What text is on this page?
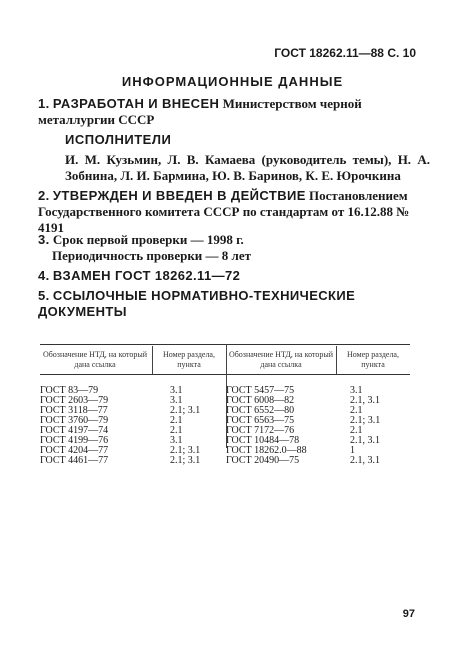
ГОСТ 18262.11—88 С. 10
ИНФОРМАЦИОННЫЕ ДАННЫЕ
1. РАЗРАБОТАН И ВНЕСЕН Министерством черной металлургии СССР
ИСПОЛНИТЕЛИ
И. М. Кузьмин, Л. В. Камаева (руководитель темы), Н. А. Зобнина, Л. И. Бармина, Ю. В. Баринов, К. Е. Юрочкина
2. УТВЕРЖДЕН И ВВЕДЕН В ДЕЙСТВИЕ Постановлением Государственного комитета СССР по стандартам от 16.12.88 № 4191
3. Срок первой проверки — 1998 г.
Периодичность проверки — 8 лет
4. ВЗАМЕН ГОСТ 18262.11—72
5. ССЫЛОЧНЫЕ НОРМАТИВНО-ТЕХНИЧЕСКИЕ ДОКУМЕНТЫ
Обозначение НТД, на который дана ссылка
Номер раздела, пункта
Обозначение НТД, на который дана ссылка
Номер раздела, пункта
ГОСТ 83—79	3.1	ГОСТ 5457—75	3.1
ГОСТ 2603—79	3.1	ГОСТ 6008—82	2.1, 3.1
ГОСТ 3118—77	2.1; 3.1	ГОСТ 6552—80	2.1
ГОСТ 3760—79	2.1	ГОСТ 6563—75	2.1; 3.1
ГОСТ 4197—74	2.1	ГОСТ 7172—76	2.1
ГОСТ 4199—76	3.1	ГОСТ 10484—78	2.1, 3.1
ГОСТ 4204—77	2.1; 3.1	ГОСТ 18262.0—88	1
ГОСТ 4461—77	2.1; 3.1	ГОСТ 20490—75	2.1, 3.1
97
